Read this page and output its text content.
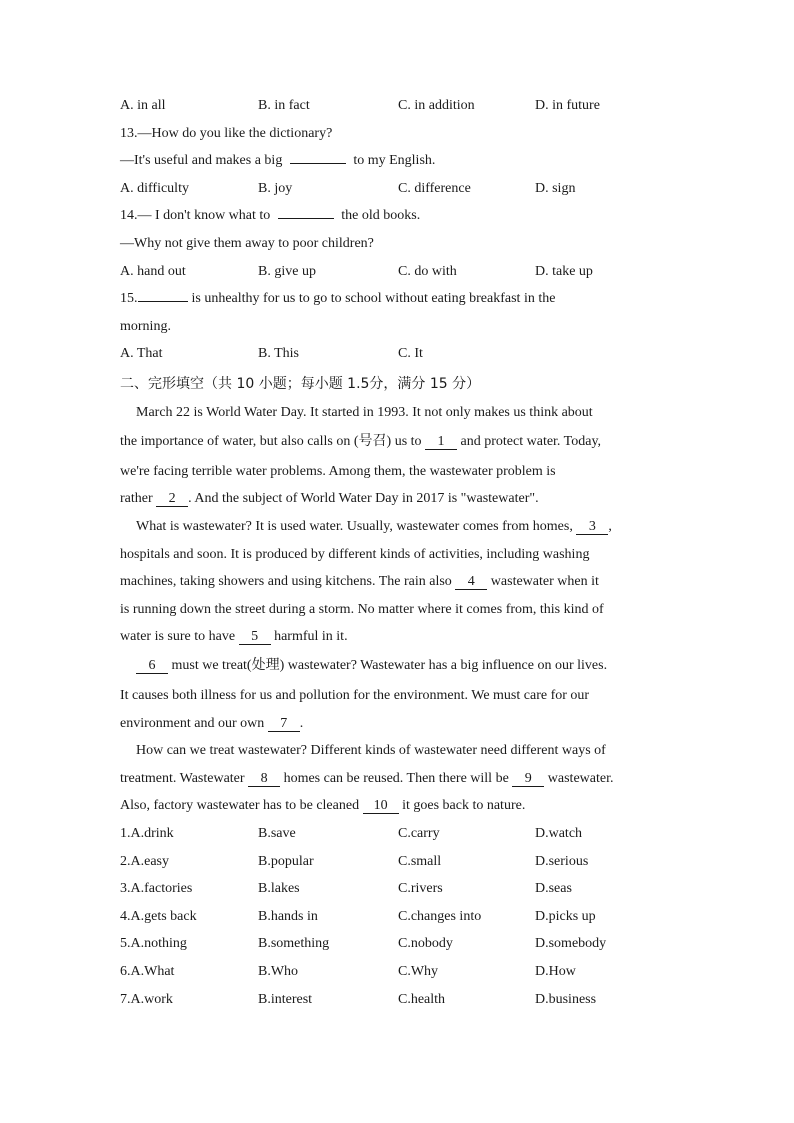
A. in all	B. in fact	C. in addition	D. in future
13.—How do you like the dictionary?
—It's useful and makes a big	to my English.
A. difficulty	B. joy	C. difference	D. sign
14.— I don't know what to	the old books.
—Why not give them away to poor children?
A. hand out	B. give up	C. do with	D. take up
15.	is unhealthy for us to go to school without eating breakfast in the
morning.
A. That	B. This	C. It
二、完形填空（共 10 小题；每小题 1.5分，满分 15 分）
March 22 is World Water Day. It started in 1993. It not only makes us think about
the importance of water, but also calls on (号召) us to 1 and protect water. Today,
we're facing terrible water problems. Among them, the wastewater problem is
rather 2 . And the subject of World Water Day in 2017 is "wastewater".
What is wastewater? It is used water. Usually, wastewater comes from homes, 3 ,
hospitals and soon. It is produced by different kinds of activities, including washing
machines, taking showers and using kitchens. The rain also 4 wastewater when it
is running down the street during a storm. No matter where it comes from, this kind of
water is sure to have 5 harmful in it.
6 must we treat(处理) wastewater? Wastewater has a big influence on our lives.
It causes both illness for us and pollution for the environment. We must care for our
environment and our own 7 .
How can we treat wastewater? Different kinds of wastewater need different ways of
treatment. Wastewater 8 homes can be reused. Then there will be 9 wastewater.
Also, factory wastewater has to be cleaned 10 it goes back to nature.
1.A.drink	B.save	C.carry	D.watch
2.A.easy	B.popular	C.small	D.serious
3.A.factories	B.lakes	C.rivers	D.seas
4.A.gets back	B.hands in	C.changes into	D.picks up
5.A.nothing	B.something	C.nobody	D.somebody
6.A.What	B.Who	C.Why	D.How
7.A.work	B.interest	C.health	D.business
